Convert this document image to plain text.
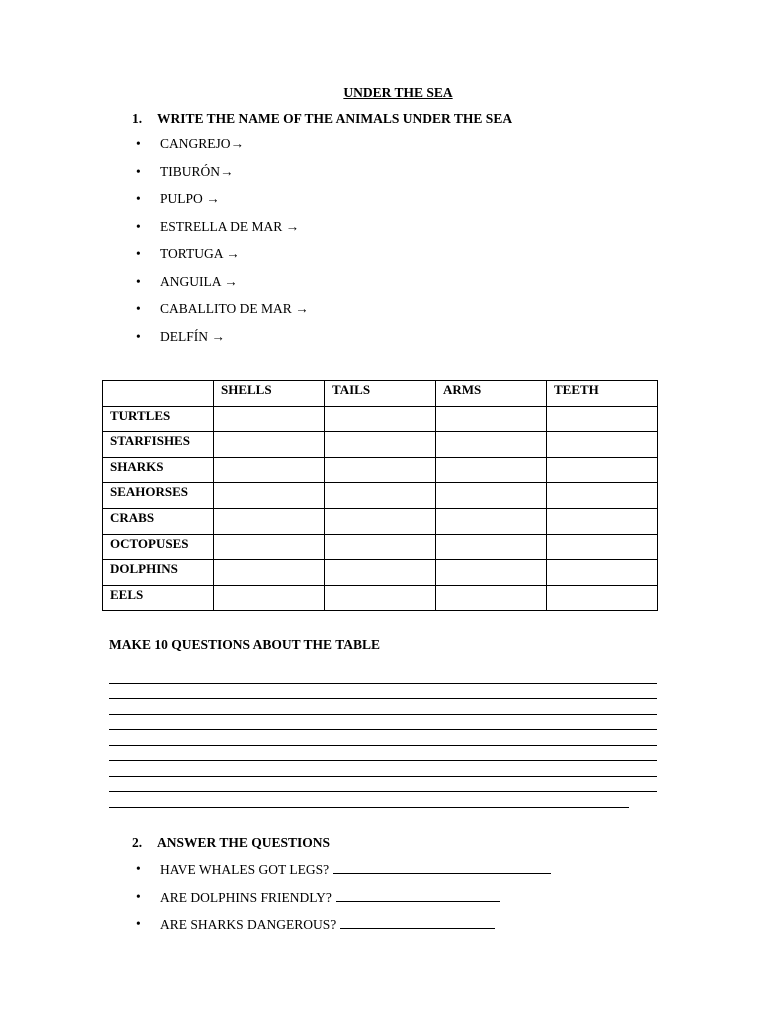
UNDER THE SEA
1. WRITE THE NAME OF THE ANIMALS UNDER THE SEA
• CANGREJO→
• TIBURÓN→
• PULPO →
• ESTRELLA DE MAR →
• TORTUGA →
• ANGUILA →
• CABALLITO DE MAR →
• DELFÍN →
	SHELLS	TAILS	ARMS	TEETH
TURTLES				
STARFISHES				
SHARKS				
SEAHORSES				
CRABS				
OCTOPUSES				
DOLPHINS				
EELS				
MAKE 10 QUESTIONS ABOUT THE TABLE
2. ANSWER THE QUESTIONS
• HAVE WHALES GOT LEGS?
• ARE DOLPHINS FRIENDLY?
• ARE SHARKS DANGEROUS?
